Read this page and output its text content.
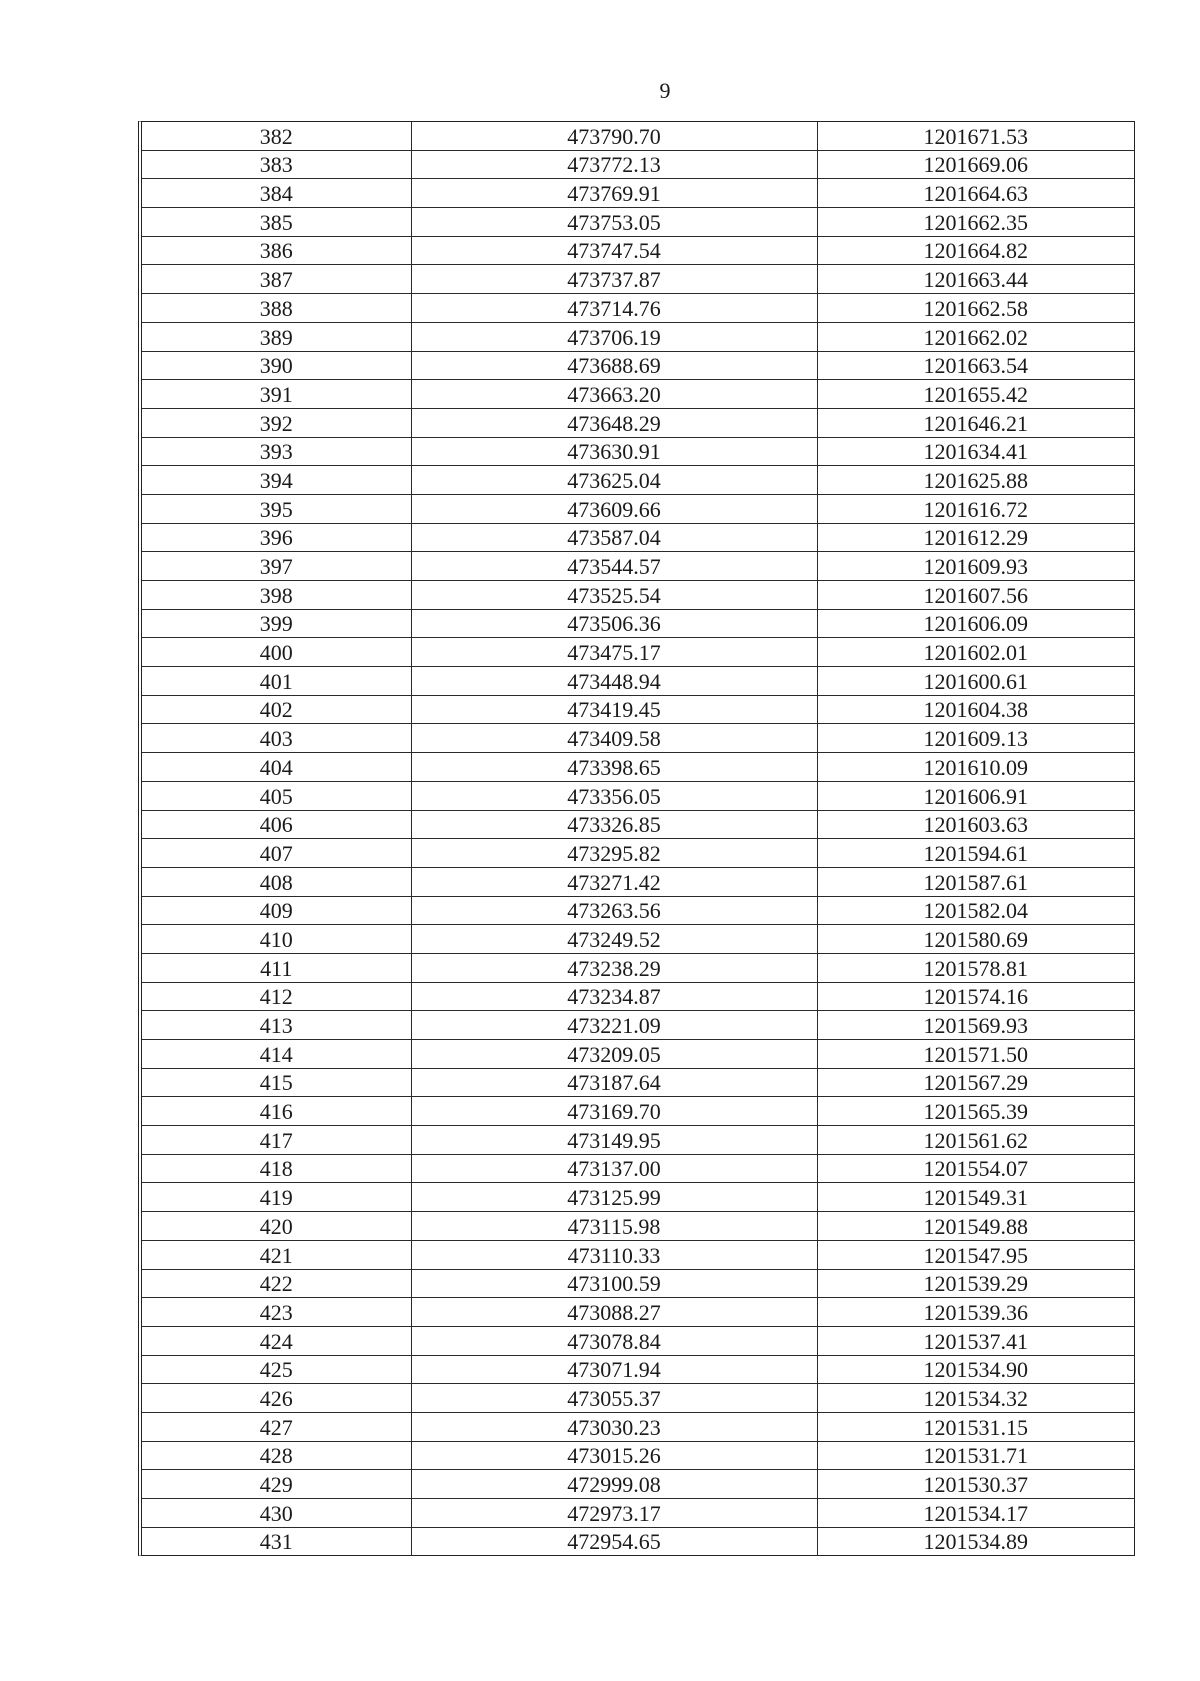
9
382	473790.70	1201671.53
383	473772.13	1201669.06
384	473769.91	1201664.63
385	473753.05	1201662.35
386	473747.54	1201664.82
387	473737.87	1201663.44
388	473714.76	1201662.58
389	473706.19	1201662.02
390	473688.69	1201663.54
391	473663.20	1201655.42
392	473648.29	1201646.21
393	473630.91	1201634.41
394	473625.04	1201625.88
395	473609.66	1201616.72
396	473587.04	1201612.29
397	473544.57	1201609.93
398	473525.54	1201607.56
399	473506.36	1201606.09
400	473475.17	1201602.01
401	473448.94	1201600.61
402	473419.45	1201604.38
403	473409.58	1201609.13
404	473398.65	1201610.09
405	473356.05	1201606.91
406	473326.85	1201603.63
407	473295.82	1201594.61
408	473271.42	1201587.61
409	473263.56	1201582.04
410	473249.52	1201580.69
411	473238.29	1201578.81
412	473234.87	1201574.16
413	473221.09	1201569.93
414	473209.05	1201571.50
415	473187.64	1201567.29
416	473169.70	1201565.39
417	473149.95	1201561.62
418	473137.00	1201554.07
419	473125.99	1201549.31
420	473115.98	1201549.88
421	473110.33	1201547.95
422	473100.59	1201539.29
423	473088.27	1201539.36
424	473078.84	1201537.41
425	473071.94	1201534.90
426	473055.37	1201534.32
427	473030.23	1201531.15
428	473015.26	1201531.71
429	472999.08	1201530.37
430	472973.17	1201534.17
431	472954.65	1201534.89
